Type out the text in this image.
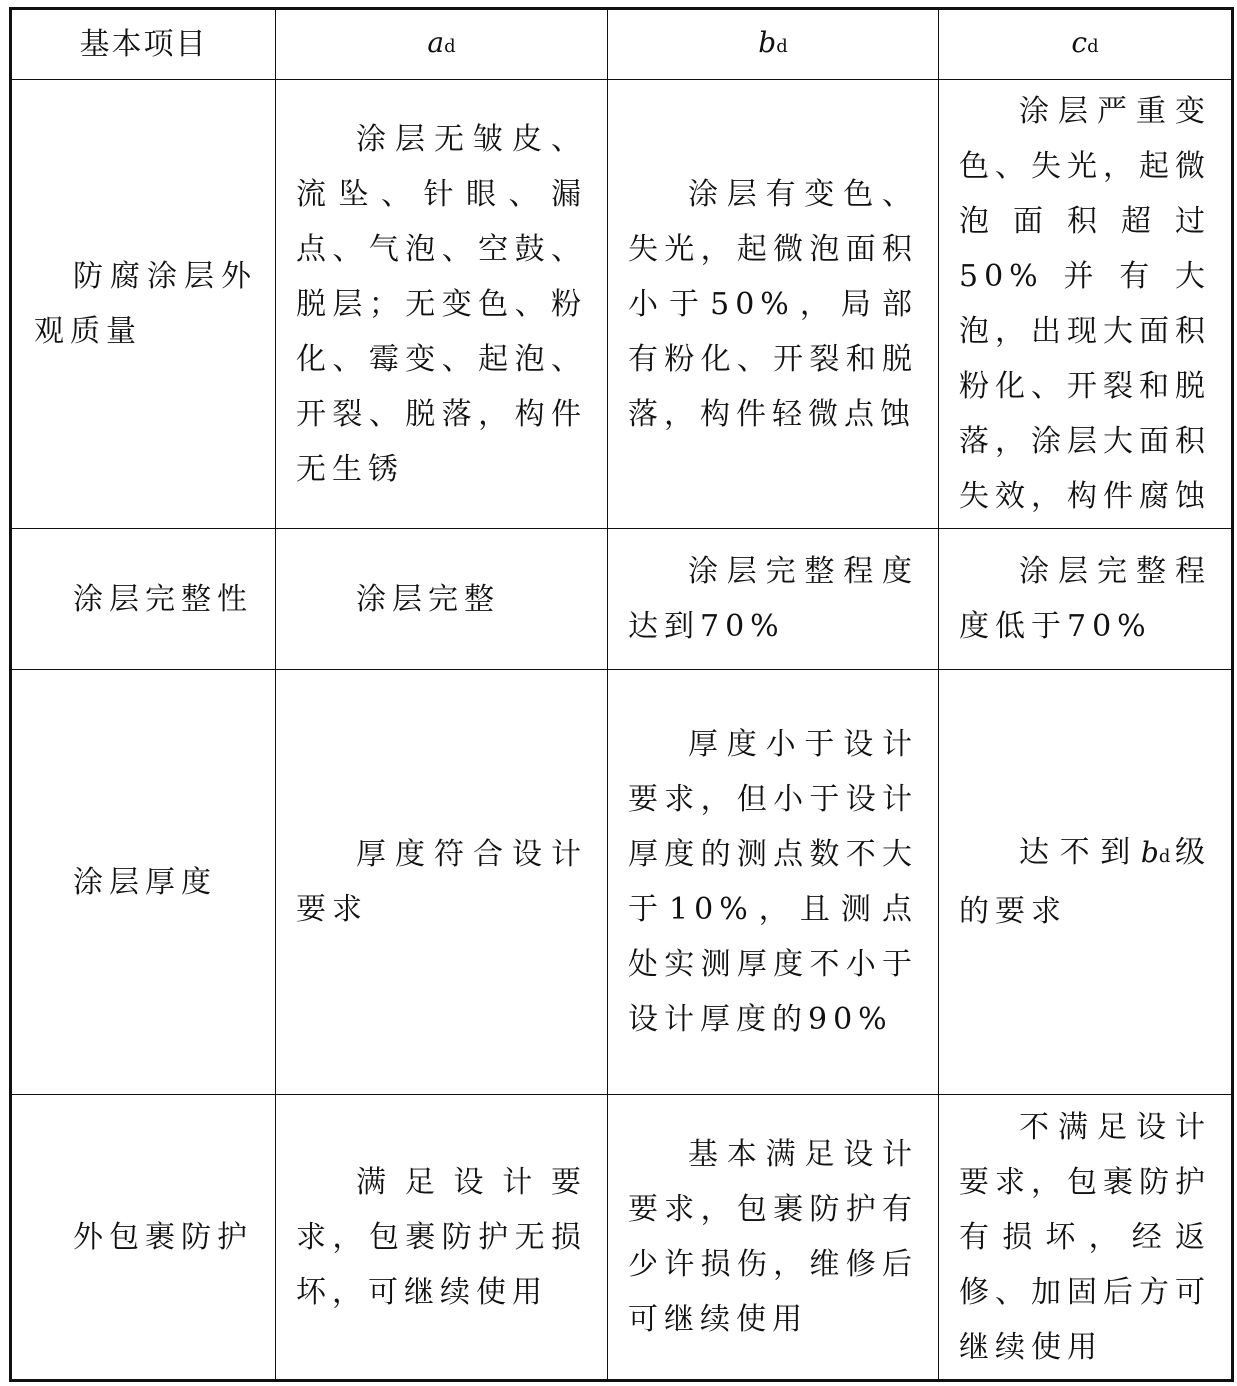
基本项目	ad	bd	cd

防腐涂层外观质量	涂层无皱皮、流坠、针眼、漏点、气泡、空鼓、脱层；无变色、粉化、霉变、起泡、开裂、脱落，构件无生锈	涂层有变色、失光，起微泡面积小于50%，局部有粉化、开裂和脱落，构件轻微点蚀	涂层严重变色、失光，起微泡面积超过50%并有大泡，出现大面积粉化、开裂和脱落，涂层大面积失效，构件腐蚀

涂层完整性	涂层完整	涂层完整程度达到70%	涂层完整程度低于70%

涂层厚度	厚度符合设计要求	厚度小于设计要求，但小于设计厚度的测点数不大于10%，且测点处实测厚度不小于设计厚度的90%	达不到bd级的要求

外包裹防护	满足设计要求，包裹防护无损坏，可继续使用	基本满足设计要求，包裹防护有少许损伤，维修后可继续使用	不满足设计要求，包裹防护有损坏，经返修、加固后方可继续使用
